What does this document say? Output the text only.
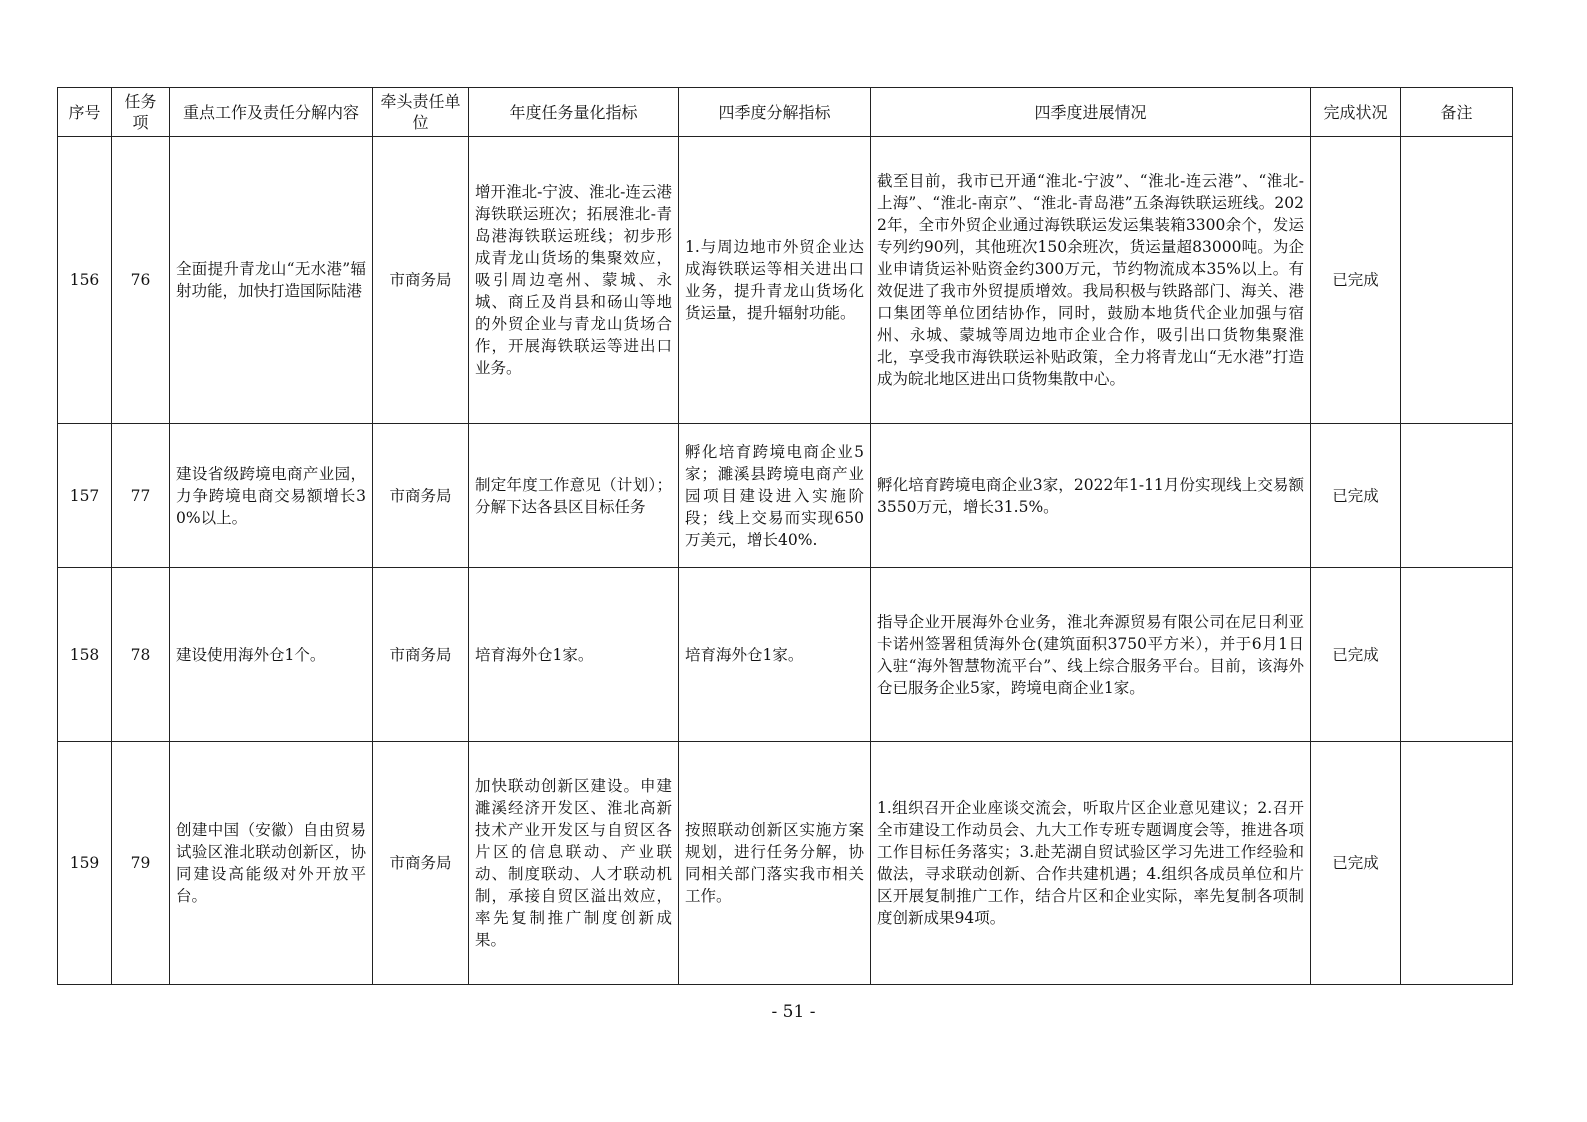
序号	任务项	重点工作及责任分解内容	牵头责任单位	年度任务量化指标	四季度分解指标	四季度进展情况	完成状况	备注
156	76	全面提升青龙山“无水港”辐射功能，加快打造国际陆港	市商务局	增开淮北-宁波、淮北-连云港海铁联运班次；拓展淮北-青岛港海铁联运班线；初步形成青龙山货场的集聚效应，吸引周边亳州、蒙城、永城、商丘及肖县和砀山等地的外贸企业与青龙山货场合作，开展海铁联运等进出口业务。	1.与周边地市外贸企业达成海铁联运等相关进出口业务，提升青龙山货场化货运量，提升辐射功能。	截至目前，我市已开通“淮北-宁波”、“淮北-连云港”、“淮北-上海”、“淮北-南京”、“淮北-青岛港”五条海铁联运班线。2022年，全市外贸企业通过海铁联运发运集装箱3300余个，发运专列约90列，其他班次150余班次，货运量超83000吨。为企业申请货运补贴资金约300万元，节约物流成本35%以上。有效促进了我市外贸提质增效。我局积极与铁路部门、海关、港口集团等单位团结协作，同时，鼓励本地货代企业加强与宿州、永城、蒙城等周边地市企业合作，吸引出口货物集聚淮北，享受我市海铁联运补贴政策，全力将青龙山“无水港”打造成为皖北地区进出口货物集散中心。	已完成	
157	77	建设省级跨境电商产业园，力争跨境电商交易额增长30%以上。	市商务局	制定年度工作意见（计划）；分解下达各县区目标任务	孵化培育跨境电商企业5家；濉溪县跨境电商产业园项目建设进入实施阶段；线上交易而实现650万美元，增长40%.	孵化培育跨境电商企业3家，2022年1-11月份实现线上交易额3550万元，增长31.5%。	已完成	
158	78	建设使用海外仓1个。	市商务局	培育海外仓1家。	培育海外仓1家。	指导企业开展海外仓业务，淮北奔源贸易有限公司在尼日利亚卡诺州签署租赁海外仓(建筑面积3750平方米），并于6月1日入驻“海外智慧物流平台”、线上综合服务平台。目前，该海外仓已服务企业5家，跨境电商企业1家。	已完成	
159	79	创建中国（安徽）自由贸易试验区淮北联动创新区，协同建设高能级对外开放平台。	市商务局	加快联动创新区建设。申建濉溪经济开发区、淮北高新技术产业开发区与自贸区各片区的信息联动、产业联动、制度联动、人才联动机制，承接自贸区溢出效应，率先复制推广制度创新成果。	按照联动创新区实施方案规划，进行任务分解，协同相关部门落实我市相关工作。	1.组织召开企业座谈交流会，听取片区企业意见建议；2.召开全市建设工作动员会、九大工作专班专题调度会等，推进各项工作目标任务落实；3.赴芜湖自贸试验区学习先进工作经验和做法，寻求联动创新、合作共建机遇；4.组织各成员单位和片区开展复制推广工作，结合片区和企业实际，率先复制各项制度创新成果94项。	已完成	
- 51 -
